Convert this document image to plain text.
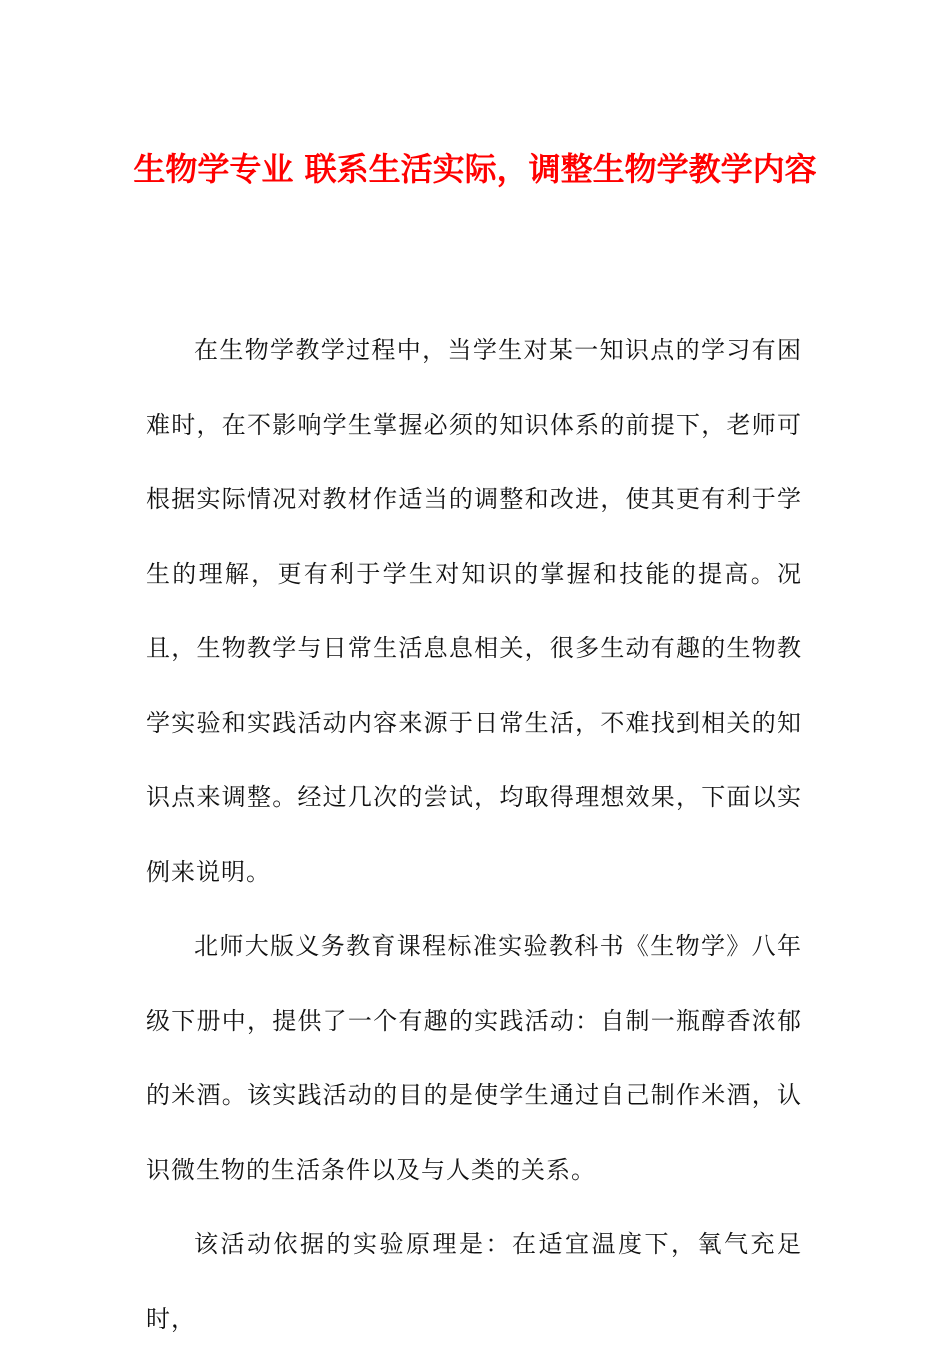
生物学专业 联系生活实际，调整生物学教学内容

在生物学教学过程中，当学生对某一知识点的学习有困难时，在不影响学生掌握必须的知识体系的前提下，老师可根据实际情况对教材作适当的调整和改进，使其更有利于学生的理解，更有利于学生对知识的掌握和技能的提高。况且，生物教学与日常生活息息相关，很多生动有趣的生物教学实验和实践活动内容来源于日常生活，不难找到相关的知识点来调整。经过几次的尝试，均取得理想效果，下面以实例来说明。

北师大版义务教育课程标准实验教科书《生物学》八年级下册中，提供了一个有趣的实践活动：自制一瓶醇香浓郁的米酒。该实践活动的目的是使学生通过自己制作米酒，认识微生物的生活条件以及与人类的关系。

该活动依据的实验原理是：在适宜温度下，氧气充足时，
